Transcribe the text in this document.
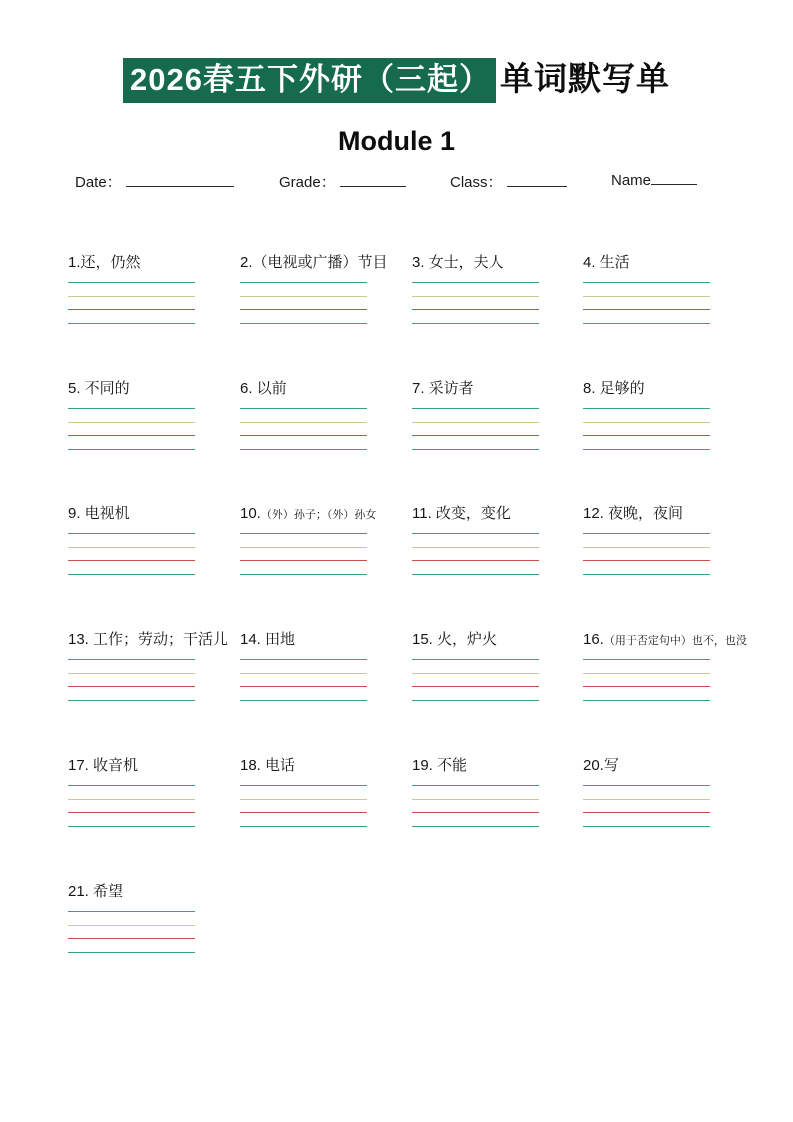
2026春五下外研（三起） 单词默写单
Module 1
Date：	Grade：	Class：	Name
1.还，仍然	2.（电视或广播）节目	3. 女士，夫人	4. 生活
5. 不同的	6. 以前	7. 采访者	8. 足够的
9. 电视机	10.（外）孙子；（外）孙女	11. 改变，变化	12. 夜晚，夜间
13. 工作；劳动；干活儿 14. 田地	15. 火，炉火	16.（用于否定句中）也不，也没
17. 收音机	18. 电话	19. 不能	20.写
21. 希望
